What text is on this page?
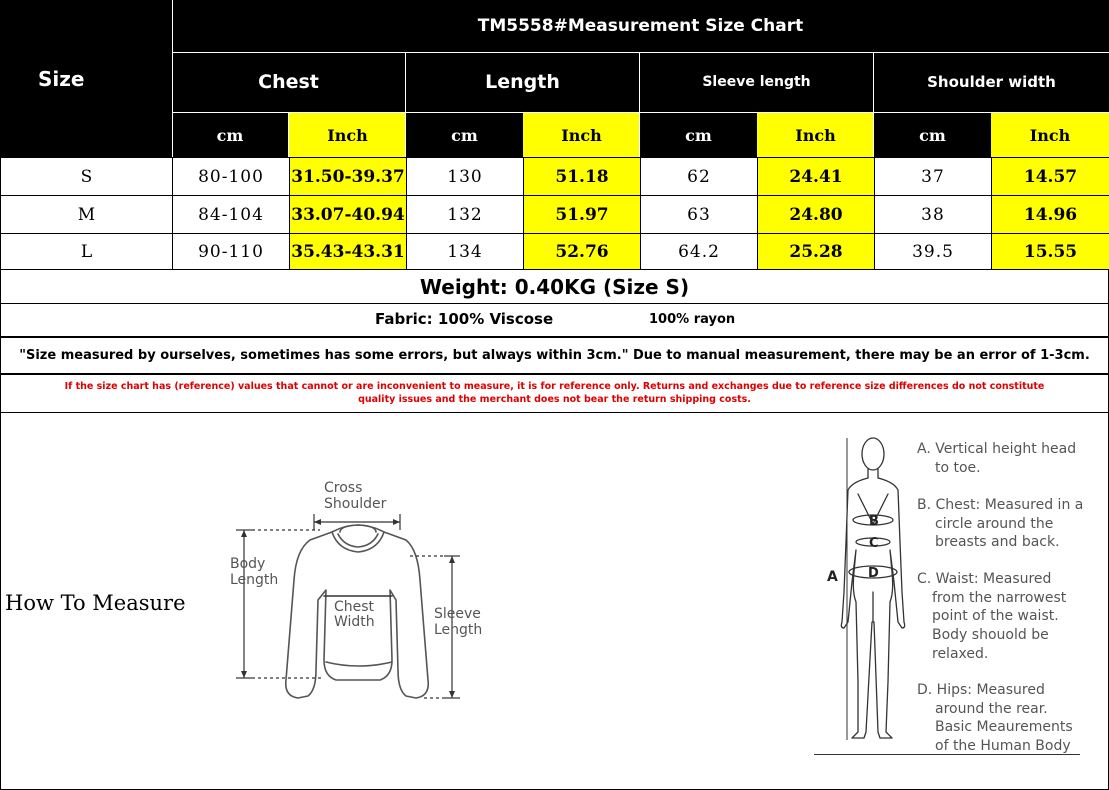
Size
TM5558#Measurement Size Chart
Chest	Length	Sleeve length	Shoulder width
cm	Inch	cm	Inch	cm	Inch	cm	Inch
S	80-100	31.50-39.37	130	51.18	62	24.41	37	14.57
M	84-104	33.07-40.94	132	51.97	63	24.80	38	14.96
L	90-110	35.43-43.31	134	52.76	64.2	25.28	39.5	15.55
Weight: 0.40KG (Size S)
Fabric: 100% Viscose	100% rayon
"Size measured by ourselves, sometimes has some errors, but always within 3cm." Due to manual measurement, there may be an error of 1-3cm.
If the size chart has (reference) values that cannot or are inconvenient to measure, it is for reference only. Returns and exchanges due to reference size differences do not constitute
quality issues and the merchant does not bear the return shipping costs.
How To Measure
Cross
Shoulder
Body
Length
Chest
Width	Sleeve
Length
B
C
D
A
A. Vertical height head
to toe.
B. Chest: Measured in a
circle around the
breasts and back.
C. Waist: Measured
from the narrowest
point of the waist.
Body shouold be
relaxed.
D. Hips: Measured
around the rear.
Basic Meaurements
of the Human Body
